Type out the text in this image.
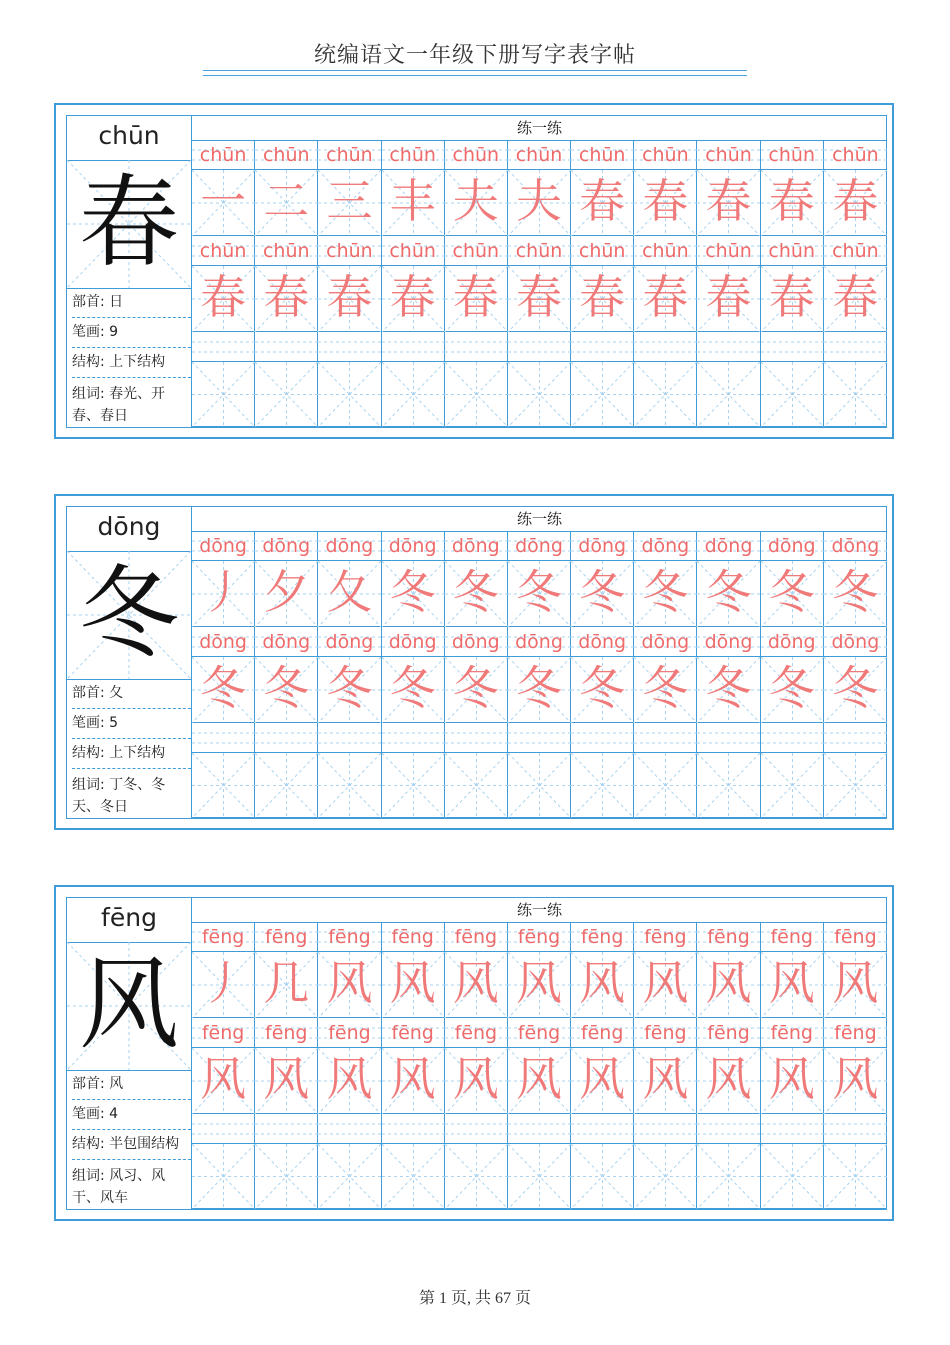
统编语文一年级下册写字表字帖
chūn
春
部首: 日
笔画: 9
结构: 上下结构
组词: 春光、开春、春日
练一练
chūn chūn chūn chūn chūn chūn chūn chūn chūn chūn chūn
一 二 三 丰 夫 夫 春 春 春 春 春
chūn chūn chūn chūn chūn chūn chūn chūn chūn chūn chūn
春 春 春 春 春 春 春 春 春 春 春
dōng
冬
部首: 夂
笔画: 5
结构: 上下结构
组词: 丁冬、冬天、冬日
练一练
dōng dōng dōng dōng dōng dōng dōng dōng dōng dōng dōng
丿 夕 夂 冬 冬 冬 冬 冬 冬 冬 冬
dōng dōng dōng dōng dōng dōng dōng dōng dōng dōng dōng
冬 冬 冬 冬 冬 冬 冬 冬 冬 冬 冬
fēng
风
部首: 风
笔画: 4
结构: 半包围结构
组词: 风习、风干、风车
练一练
fēng	fēng	fēng	fēng	fēng	fēng	fēng	fēng	fēng	fēng	fēng
丿 几 风 风 风 风 风 风 风 风 风
fēng	fēng	fēng	fēng	fēng	fēng	fēng	fēng	fēng	fēng	fēng
风 风 风 风 风 风 风 风 风 风 风
第 1 页, 共 67 页
